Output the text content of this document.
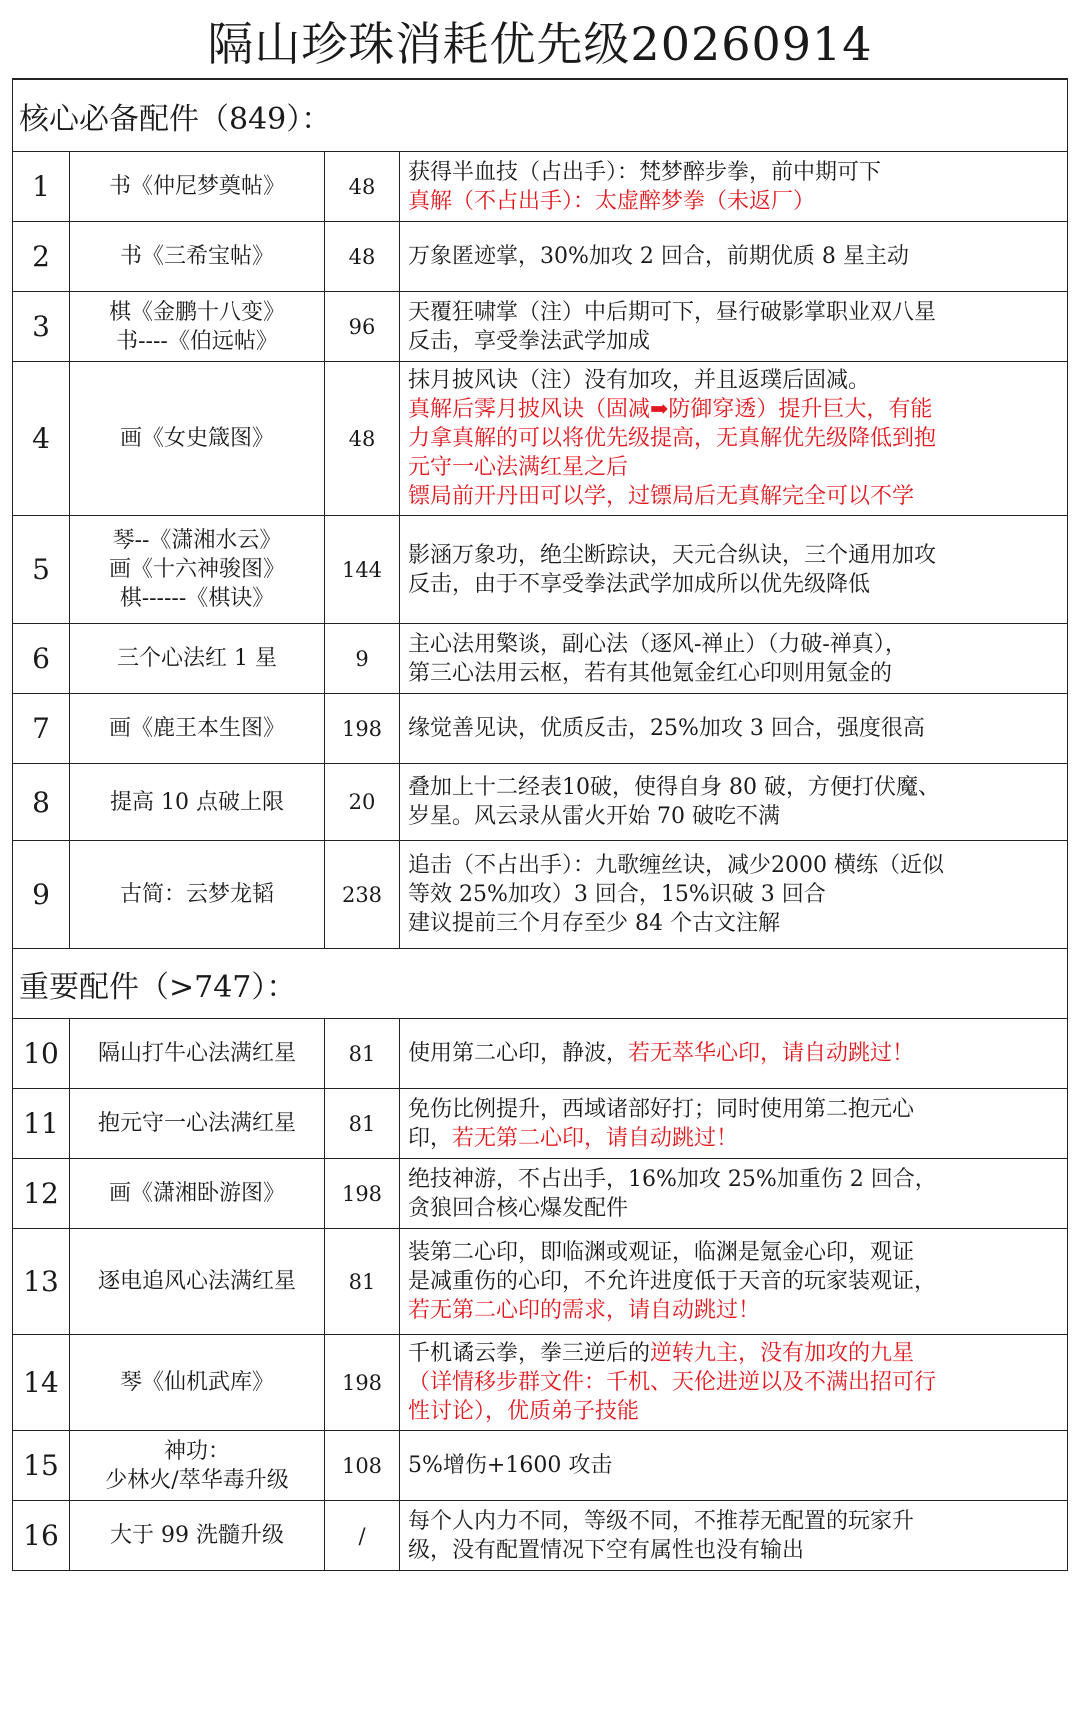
隔山珍珠消耗优先级20260914
核心必备配件（849）：			
1	书《仲尼梦奠帖》	48	获得半血技（占出手）：梵梦醉步拳，前中期可下
真解（不占出手）：太虚醉梦拳（未返厂）

2	书《三希宝帖》	48	万象匿迹掌，30%加攻 2 回合，前期优质 8 星主动

3	棋《金鹏十八变》
书----《伯远帖》	96	天覆狂啸掌（注）中后期可下，昼行破影掌职业双八星
反击，享受拳法武学加成

4	画《女史箴图》	48	抹月披风诀（注）没有加攻，并且返璞后固减。
真解后霁月披风诀（固减➡防御穿透）提升巨大，有能
力拿真解的可以将优先级提高，无真解优先级降低到抱
元守一心法满红星之后
镖局前开丹田可以学，过镖局后无真解完全可以不学

5	琴--《潇湘水云》
画《十六神骏图》
棋------《棋诀》	144	影涵万象功，绝尘断踪诀，天元合纵诀，三个通用加攻
反击，由于不享受拳法武学加成所以优先级降低

6	三个心法红 1 星	9	主心法用檠谈，副心法（逐风-禅止）（力破-禅真），
第三心法用云枢，若有其他氪金红心印则用氪金的

7	画《鹿王本生图》	198	缘觉善见诀，优质反击，25%加攻 3 回合，强度很高

8	提高 10 点破上限	20	叠加上十二经表10破，使得自身 80 破，方便打伏魔、
岁星。风云录从雷火开始 70 破吃不满

9	古简：云梦龙韬	238	追击（不占出手）：九歌缠丝诀，减少2000 横练（近似
等效 25%加攻）3 回合，15%识破 3 回合
建议提前三个月存至少 84 个古文注解

重要配件（>747）：			
10	隔山打牛心法满红星	81	使用第二心印，静波，若无萃华心印，请自动跳过！

11	抱元守一心法满红星	81	免伤比例提升，西域诸部好打；同时使用第二抱元心
印，若无第二心印，请自动跳过！

12	画《潇湘卧游图》	198	绝技神游，不占出手，16%加攻 25%加重伤 2 回合，
贪狼回合核心爆发配件

13	逐电追风心法满红星	81	装第二心印，即临渊或观证，临渊是氪金心印，观证
是减重伤的心印，不允许进度低于天音的玩家装观证，
若无第二心印的需求，请自动跳过！

14	琴《仙机武库》	198	千机谲云拳，拳三逆后的逆转九主，没有加攻的九星
（详情移步群文件：千机、天伦进逆以及不满出招可行
性讨论），优质弟子技能

15	神功：
少林火/萃华毒升级	108	5%增伤+1600 攻击

16	大于 99 洗髓升级	/	每个人内力不同，等级不同，不推荐无配置的玩家升
级，没有配置情况下空有属性也没有输出
